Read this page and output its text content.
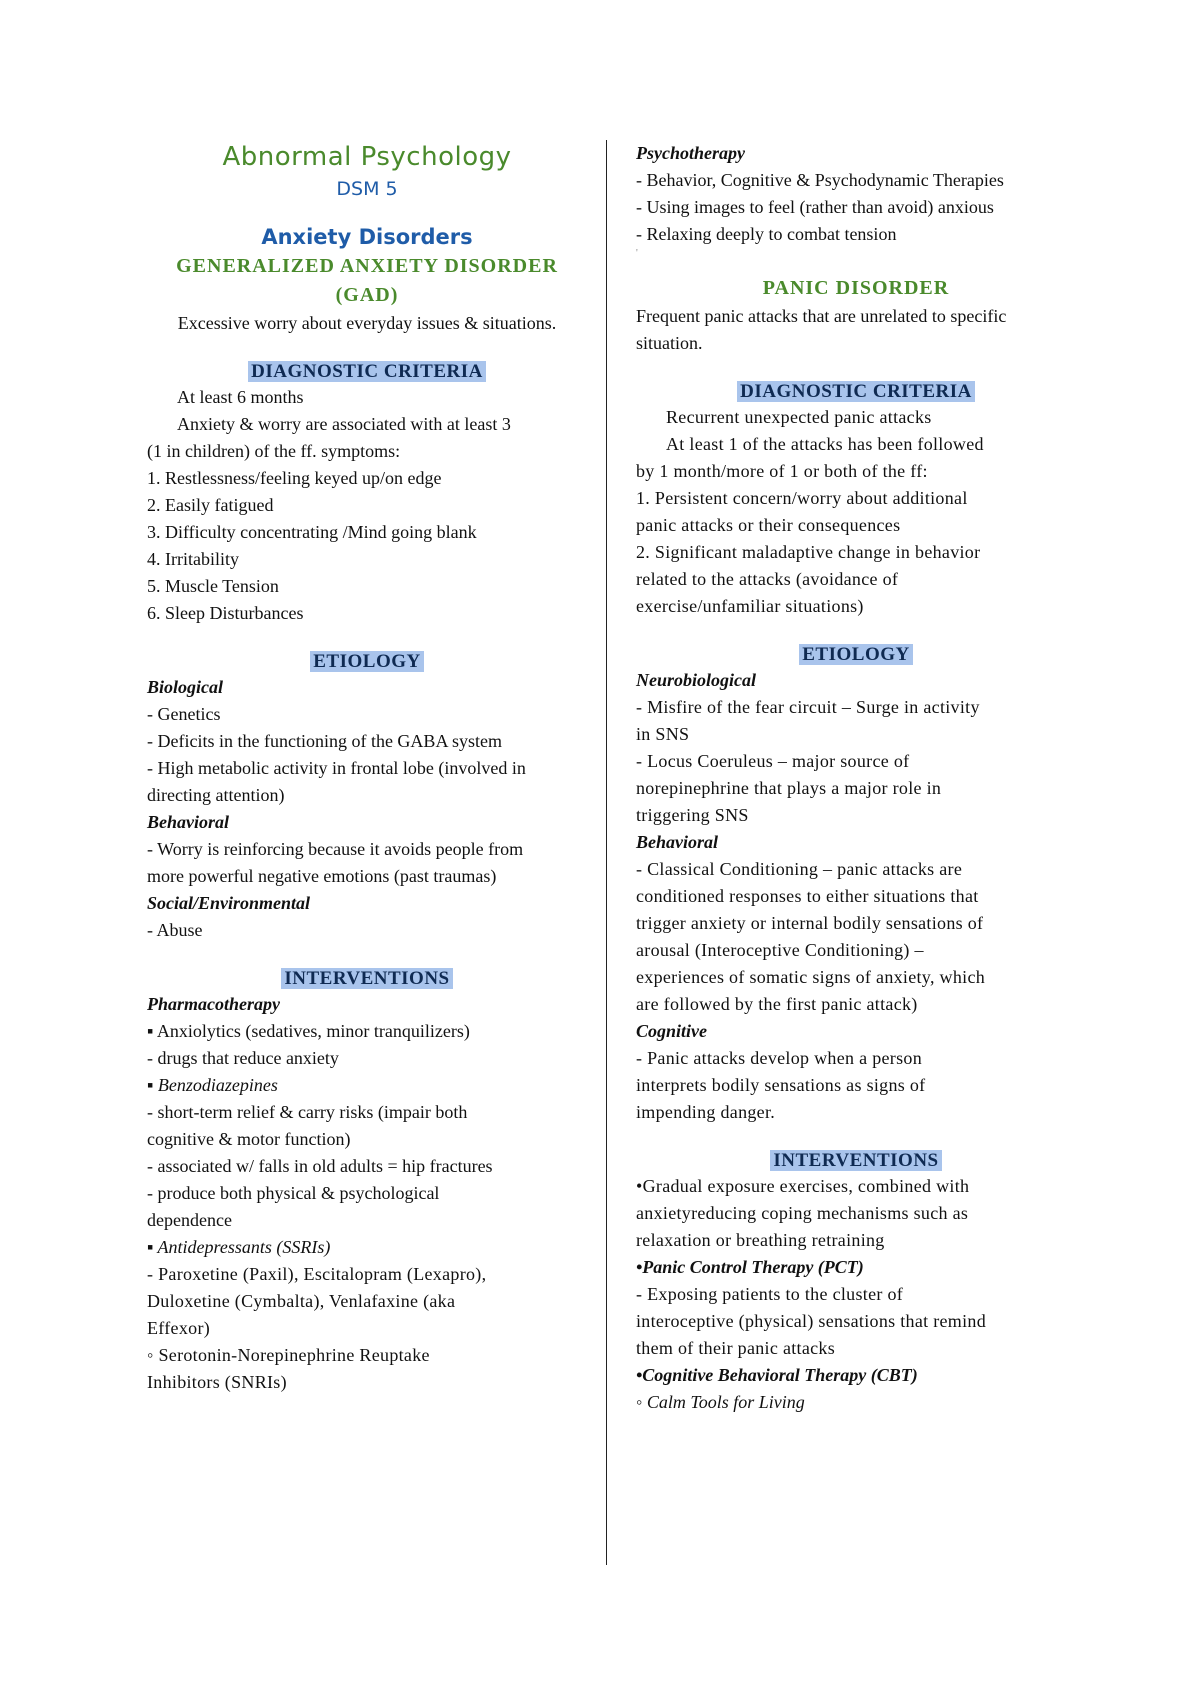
Abnormal Psychology
DSM 5
Anxiety Disorders
GENERALIZED ANXIETY DISORDER
(GAD)
Excessive worry about everyday issues & situations.
DIAGNOSTIC CRITERIA
At least 6 months
Anxiety & worry are associated with at least 3
(1 in children) of the ff. symptoms:
1. Restlessness/feeling keyed up/on edge
2. Easily fatigued
3. Difficulty concentrating /Mind going blank
4. Irritability
5. Muscle Tension
6. Sleep Disturbances
ETIOLOGY
Biological
- Genetics
- Deficits in the functioning of the GABA system
- High metabolic activity in frontal lobe (involved in
directing attention)
Behavioral
- Worry is reinforcing because it avoids people from
more powerful negative emotions (past traumas)
Social/Environmental
- Abuse
INTERVENTIONS
Pharmacotherapy
▪ Anxiolytics (sedatives, minor tranquilizers)
- drugs that reduce anxiety
▪ Benzodiazepines
- short-term relief & carry risks (impair both
cognitive & motor function)
- associated w/ falls in old adults = hip fractures
- produce both physical & psychological
dependence
▪ Antidepressants (SSRIs)
- Paroxetine (Paxil), Escitalopram (Lexapro),
Duloxetine (Cymbalta), Venlafaxine (aka
Effexor)
◦ Serotonin-Norepinephrine Reuptake
Inhibitors (SNRIs)
Psychotherapy
- Behavior, Cognitive & Psychodynamic Therapies
- Using images to feel (rather than avoid) anxious
- Relaxing deeply to combat tension
'
PANIC DISORDER
Frequent panic attacks that are unrelated to specific
situation.
DIAGNOSTIC CRITERIA
Recurrent unexpected panic attacks
At least 1 of the attacks has been followed
by 1 month/more of 1 or both of the ff:
1. Persistent concern/worry about additional
panic attacks or their consequences
2. Significant maladaptive change in behavior
related to the attacks (avoidance of
exercise/unfamiliar situations)
ETIOLOGY
Neurobiological
- Misfire of the fear circuit – Surge in activity
in SNS
- Locus Coeruleus – major source of
norepinephrine that plays a major role in
triggering SNS
Behavioral
- Classical Conditioning – panic attacks are
conditioned responses to either situations that
trigger anxiety or internal bodily sensations of
arousal (Interoceptive Conditioning) –
experiences of somatic signs of anxiety, which
are followed by the first panic attack)
Cognitive
- Panic attacks develop when a person
interprets bodily sensations as signs of
impending danger.
INTERVENTIONS
•Gradual exposure exercises, combined with
anxietyreducing coping mechanisms such as
relaxation or breathing retraining
•Panic Control Therapy (PCT)
- Exposing patients to the cluster of
interoceptive (physical) sensations that remind
them of their panic attacks
•Cognitive Behavioral Therapy (CBT)
◦ Calm Tools for Living
